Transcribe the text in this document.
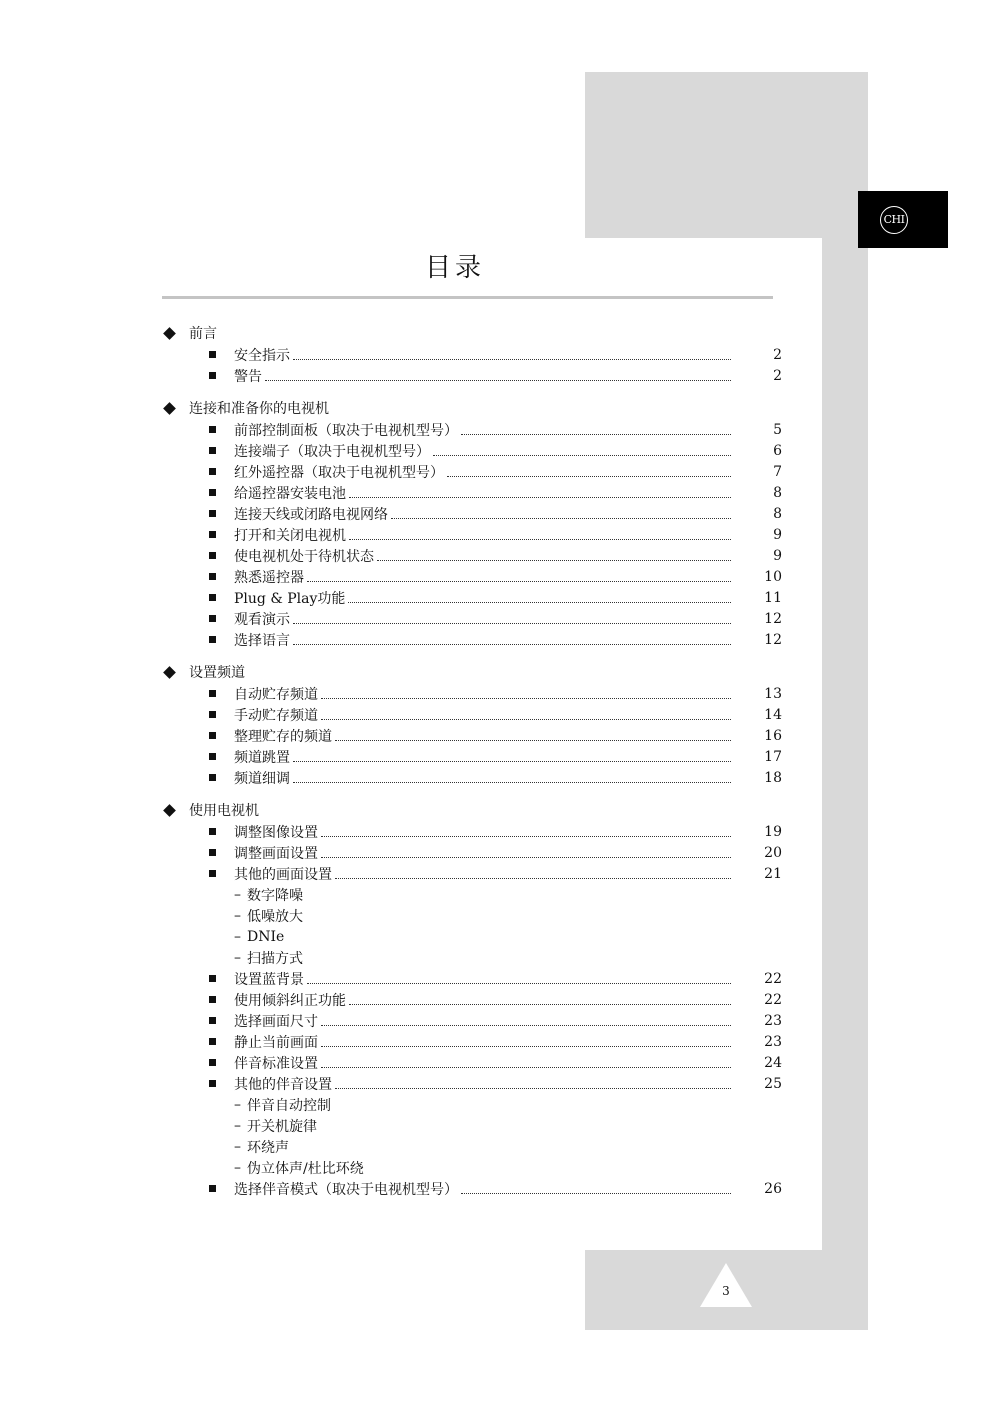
CHI
目录
前言
安全指示	2
警告	2
连接和准备你的电视机
前部控制面板（取决于电视机型号）	5
连接端子（取决于电视机型号）	6
红外遥控器（取决于电视机型号）	7
给遥控器安装电池	8
连接天线或闭路电视网络	8
打开和关闭电视机	9
使电视机处于待机状态	9
熟悉遥控器	10
Plug & Play功能	11
观看演示	12
选择语言	12
设置频道
自动贮存频道	13
手动贮存频道	14
整理贮存的频道	16
频道跳置	17
频道细调	18
使用电视机
调整图像设置	19
调整画面设置	20
其他的画面设置	21
– 数字降噪
– 低噪放大
– DNIe
– 扫描方式
设置蓝背景	22
使用倾斜纠正功能	22
选择画面尺寸	23
静止当前画面	23
伴音标准设置	24
其他的伴音设置	25
– 伴音自动控制
– 开关机旋律
– 环绕声
– 伪立体声/杜比环绕
选择伴音模式（取决于电视机型号）	26
3
